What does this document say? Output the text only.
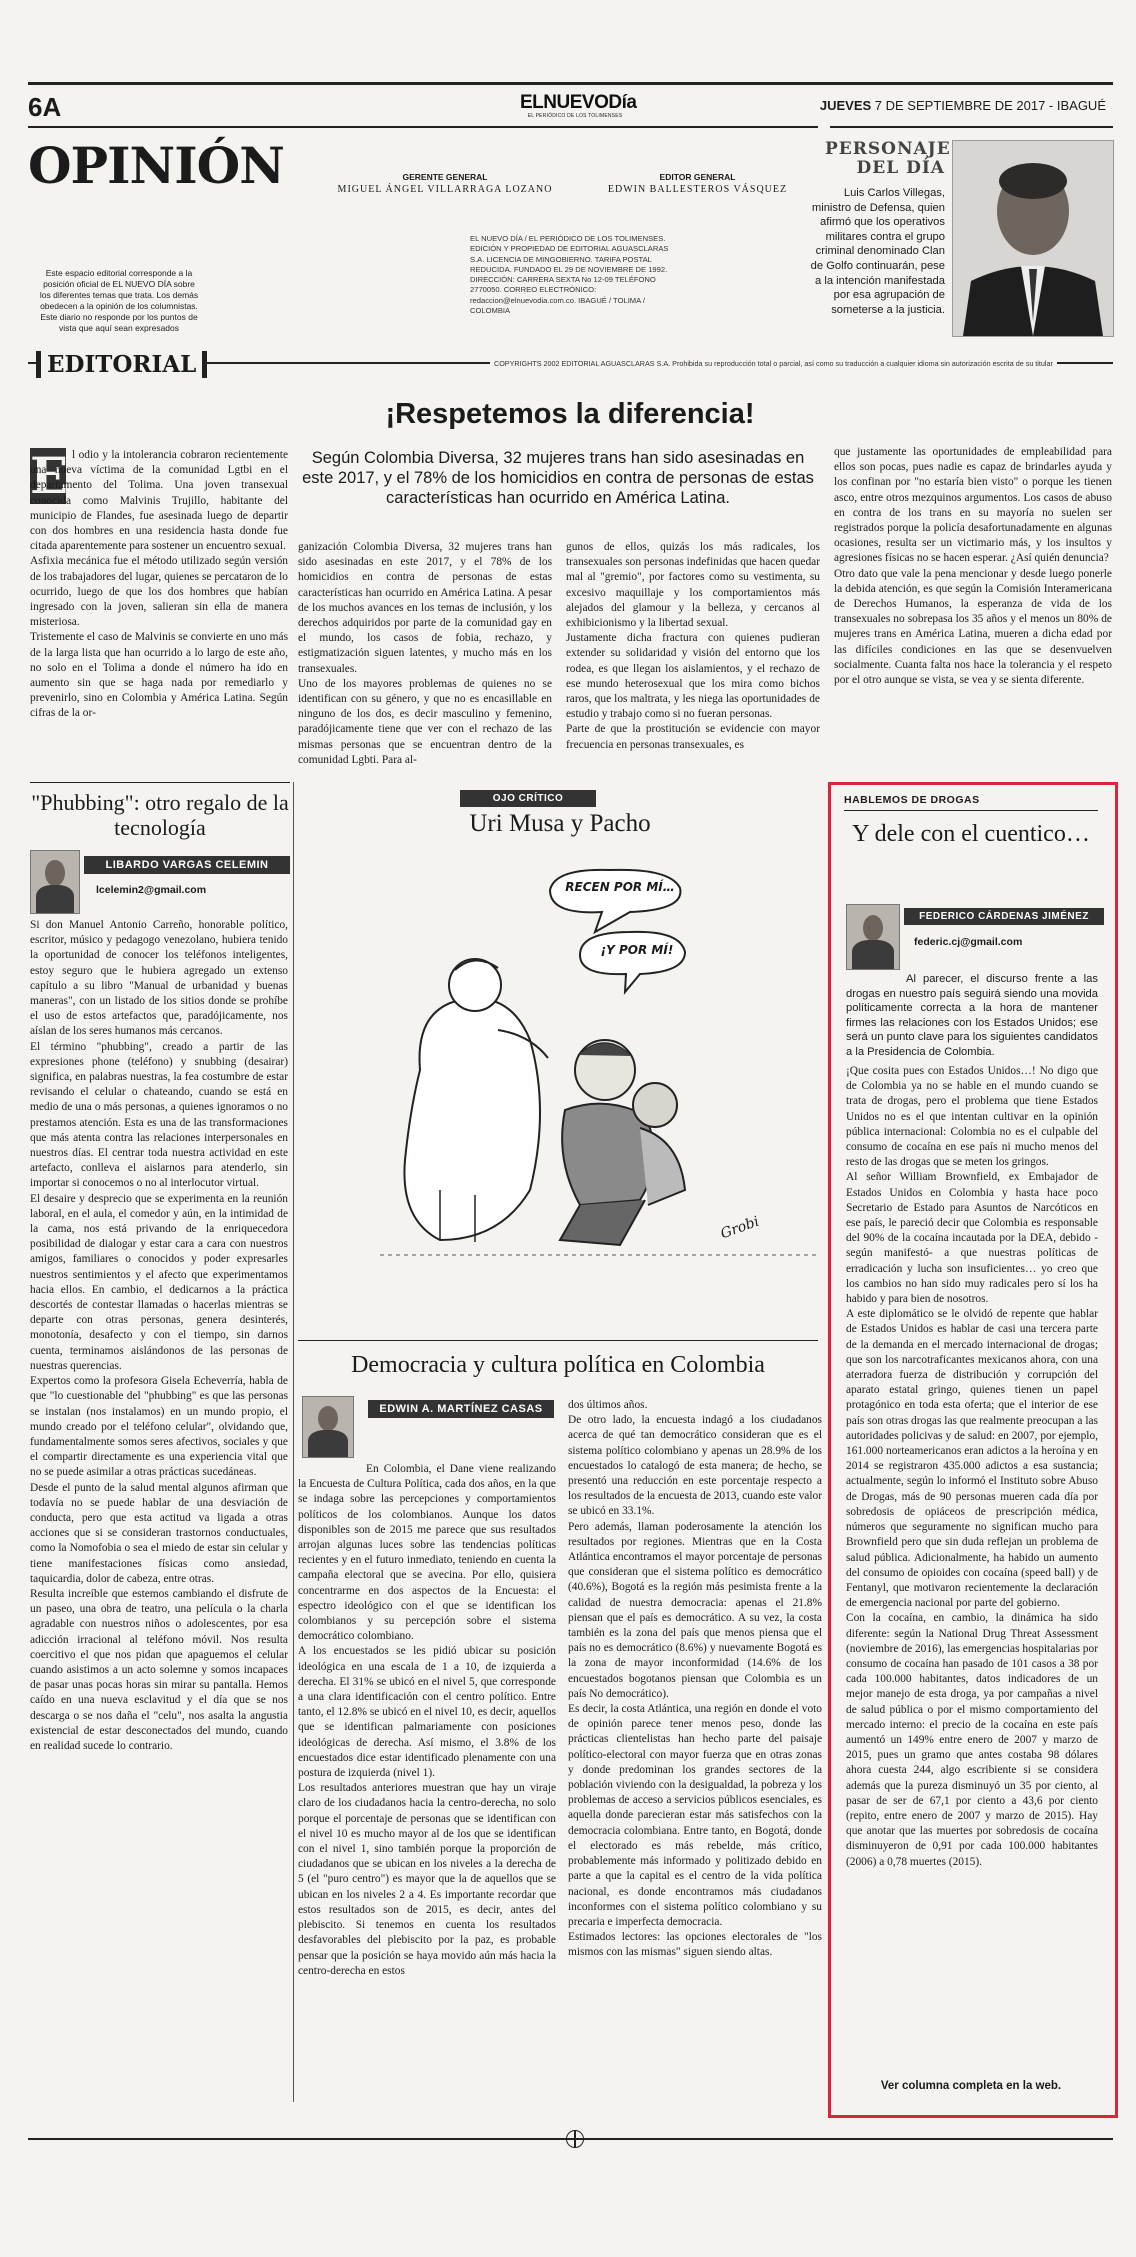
6A	ELNUEVODía
EL PERIÓDICO DE LOS TOLIMENSES
JUEVES 7 DE SEPTIEMBRE DE 2017 - IBAGUÉ
OPINIÓN
Este espacio editorial corresponde a la posición oficial de EL NUEVO DÍA sobre los diferentes temas que trata. Los demás obedecen a la opinión de los columnistas. Este diario no responde por los puntos de vista que aquí sean expresados
GERENTE GENERAL
MIGUEL ÁNGEL VILLARRAGA LOZANO
EDITOR GENERAL
EDWIN BALLESTEROS VÁSQUEZ
EL NUEVO DÍA / EL PERIÓDICO DE LOS TOLIMENSES. EDICIÓN Y PROPIEDAD DE EDITORIAL AGUASCLARAS S.A. LICENCIA DE MINGOBIERNO. TARIFA POSTAL REDUCIDA. FUNDADO EL 29 DE NOVIEMBRE DE 1992. DIRECCIÓN: CARRERA SEXTA No 12-09 TELÉFONO 2770050. CORREO ELECTRÓNICO: redaccion@elnuevodia.com.co. IBAGUÉ / TOLIMA / COLOMBIA
PERSONAJE
DEL DÍA
Luis Carlos Villegas, ministro de Defensa, quien afirmó que los operativos militares contra el grupo criminal denominado Clan de Golfo continuarán, pese a la intención manifestada por esa agrupación de someterse a la justicia.
EDITORIAL	COPYRIGHTS 2002 EDITORIAL AGUASCLARAS S.A. Prohibida su reproducción total o parcial, así como su traducción a cualquier idioma sin autorización escrita de su titular
¡Respetemos la diferencia!
E l odio y la intolerancia cobraron recientemente una nueva víctima de la comunidad Lgtbi en el departamento del Tolima. Una joven transexual conocida como Malvinis Trujillo, habitante del municipio de Flandes, fue asesinada luego de departir con dos hombres en una residencia hasta donde fue citada aparentemente para sostener un encuentro sexual.
Asfixia mecánica fue el método utilizado según versión de los trabajadores del lugar, quienes se percataron de lo ocurrido, luego de que los dos hombres que habían ingresado con la joven, salieran sin ella de manera misteriosa.
Tristemente el caso de Malvinis se convierte en uno más de la larga lista que han ocurrido a lo largo de este año, no solo en el Tolima a donde el número ha ido en aumento sin que se haga nada por remediarlo y prevenirlo, sino en Colombia y América Latina. Según cifras de la or-
Según Colombia Diversa, 32 mujeres trans han sido asesinadas en este 2017, y el 78% de los homicidios en contra de personas de estas características han ocurrido en América Latina.
ganización Colombia Diversa, 32 mujeres trans han sido asesinadas en este 2017, y el 78% de los homicidios en contra de personas de estas características han ocurrido en América Latina. A pesar de los muchos avances en los temas de inclusión, y los derechos adquiridos por parte de la comunidad gay en el mundo, los casos de fobia, rechazo, y estigmatización siguen latentes, y mucho más en los transexuales.
Uno de los mayores problemas de quienes no se identifican con su género, y que no es encasillable en ninguno de los dos, es decir masculino y femenino, paradójicamente tiene que ver con el rechazo de las mismas personas que se encuentran dentro de la comunidad Lgbti. Para al-
gunos de ellos, quizás los más radicales, los transexuales son personas indefinidas que hacen quedar mal al "gremio", por factores como su vestimenta, su excesivo maquillaje y los comportamientos más alejados del glamour y la belleza, y cercanos al exhibicionismo y la libertad sexual.
Justamente dicha fractura con quienes pudieran extender su solidaridad y visión del entorno que los rodea, es que llegan los aislamientos, y el rechazo de ese mundo heterosexual que los mira como bichos raros, que los maltrata, y les niega las oportunidades de estudio y trabajo como si no fueran personas.
Parte de que la prostitución se evidencie con mayor frecuencia en personas transexuales, es
que justamente las oportunidades de empleabilidad para ellos son pocas, pues nadie es capaz de brindarles ayuda y los confinan por "no estaría bien visto" o porque les tienen asco, entre otros mezquinos argumentos. Los casos de abuso en contra de los trans en su mayoría no suelen ser registrados porque la policía desafortunadamente en algunas ocasiones, resulta ser un victimario más, y los insultos y agresiones físicas no se hacen esperar. ¿Así quién denuncia?
Otro dato que vale la pena mencionar y desde luego ponerle la debida atención, es que según la Comisión Interamericana de Derechos Humanos, la esperanza de vida de los transexuales no sobrepasa los 35 años y el menos un 80% de mujeres trans en América Latina, mueren a dicha edad por las difíciles condiciones en las que se desenvuelven socialmente. Cuanta falta nos hace la tolerancia y el respeto por el otro aunque se vista, se vea y se sienta diferente.
"Phubbing": otro regalo de la tecnología
LIBARDO VARGAS CELEMIN
lcelemin2@gmail.com
Si don Manuel Antonio Carreño, honorable político, escritor, músico y pedagogo venezolano, hubiera tenido la oportunidad de conocer los teléfonos inteligentes, estoy seguro que le hubiera agregado un extenso capítulo a su libro "Manual de urbanidad y buenas maneras", con un listado de los sitios donde se prohíbe el uso de estos artefactos que, paradójicamente, nos aíslan de los seres humanos más cercanos.
El término "phubbing", creado a partir de las expresiones phone (teléfono) y snubbing (desairar) significa, en palabras nuestras, la fea costumbre de estar revisando el celular o chateando, cuando se está en medio de una o más personas, a quienes ignoramos o no prestamos atención. Esta es una de las transformaciones que más atenta contra las relaciones interpersonales en nuestros días. El centrar toda nuestra actividad en este artefacto, conlleva el aislarnos para atenderlo, sin importar si conocemos o no al interlocutor virtual.
El desaire y desprecio que se experimenta en la reunión laboral, en el aula, el comedor y aún, en la intimidad de la cama, nos está privando de la enriquecedora posibilidad de dialogar y estar cara a cara con nuestros amigos, familiares o conocidos y poder expresarles nuestros sentimientos y el afecto que experimentamos hacia ellos. En cambio, el dedicarnos a la práctica descortés de contestar llamadas o hacerlas mientras se departe con otras personas, genera desinterés, monotonía, desafecto y con el tiempo, sin darnos cuenta, terminamos aislándonos de las personas de nuestras querencias.
Expertos como la profesora Gisela Echeverría, habla de que "lo cuestionable del "phubbing" es que las personas se instalan (nos instalamos) en un mundo propio, el mundo creado por el teléfono celular", olvidando que, fundamentalmente somos seres afectivos, sociales y que el compartir directamente es una experiencia vital que no se puede asimilar a otras prácticas sucedáneas.
Desde el punto de la salud mental algunos afirman que todavía no se puede hablar de una desviación de conducta, pero que esta actitud va ligada a otras acciones que si se consideran trastornos conductuales, como la Nomofobia o sea el miedo de estar sin celular y tiene manifestaciones físicas como ansiedad, taquicardia, dolor de cabeza, entre otras.
Resulta increíble que estemos cambiando el disfrute de un paseo, una obra de teatro, una película o la charla agradable con nuestros niños o adolescentes, por esa adicción irracional al teléfono móvil. Nos resulta coercitivo el que nos pidan que apaguemos el celular cuando asistimos a un acto solemne y somos incapaces de pasar unas pocas horas sin mirar su pantalla. Hemos caído en una nueva esclavitud y el día que se nos descarga o se nos daña el "celu", nos asalta la angustia existencial de estar desconectados del mundo, cuando en realidad sucede lo contrario.
OJO CRÍTICO
Uri Musa y Pacho
RECEN POR MÍ…
¡Y POR MÍ!
Grobi
Democracia y cultura política en Colombia
EDWIN A. MARTÍNEZ CASAS
En Colombia, el Dane viene realizando la Encuesta de Cultura Política, cada dos años, en la que se indaga sobre las percepciones y comportamientos políticos de los colombianos. Aunque los datos disponibles son de 2015 me parece que sus resultados arrojan algunas luces sobre las tendencias políticas recientes y en el futuro inmediato, teniendo en cuenta la campaña electoral que se avecina. Por ello, quisiera concentrarme en dos aspectos de la Encuesta: el espectro ideológico con el que se identifican los colombianos y su percepción sobre el sistema democrático colombiano.
A los encuestados se les pidió ubicar su posición ideológica en una escala de 1 a 10, de izquierda a derecha. El 31% se ubicó en el nivel 5, que corresponde a una clara identificación con el centro político. Entre tanto, el 12.8% se ubicó en el nivel 10, es decir, aquellos que se identifican palmariamente con posiciones ideológicas de derecha. Así mismo, el 3.8% de los encuestados dice estar identificado plenamente con una postura de izquierda (nivel 1).
Los resultados anteriores muestran que hay un viraje claro de los ciudadanos hacia la centro-derecha, no solo porque el porcentaje de personas que se identifican con el nivel 10 es mucho mayor al de los que se identifican con el nivel 1, sino también porque la proporción de ciudadanos que se ubican en los niveles a la derecha de 5 (el "puro centro") es mayor que la de aquellos que se ubican en los niveles 2 a 4. Es importante recordar que estos resultados son de 2015, es decir, antes del plebiscito. Si tenemos en cuenta los resultados desfavorables del plebiscito por la paz, es probable pensar que la posición se haya movido aún más hacia la centro-derecha en estos
dos últimos años.
De otro lado, la encuesta indagó a los ciudadanos acerca de qué tan democrático consideran que es el sistema político colombiano y apenas un 28.9% de los encuestados lo catalogó de esta manera; de hecho, se presentó una reducción en este porcentaje respecto a los resultados de la encuesta de 2013, cuando este valor se ubicó en 33.1%.
Pero además, llaman poderosamente la atención los resultados por regiones. Mientras que en la Costa Atlántica encontramos el mayor porcentaje de personas que consideran que el sistema político es democrático (40.6%), Bogotá es la región más pesimista frente a la calidad de nuestra democracia: apenas el 21.8% piensan que el país es democrático. A su vez, la costa también es la zona del país que menos piensa que el país no es democrático (8.6%) y nuevamente Bogotá es la zona de mayor inconformidad (14.6% de los encuestados bogotanos piensan que Colombia es un país No democrático).
Es decir, la costa Atlántica, una región en donde el voto de opinión parece tener menos peso, donde las prácticas clientelistas han hecho parte del paisaje político-electoral con mayor fuerza que en otras zonas y donde predominan los grandes sectores de la población viviendo con la desigualdad, la pobreza y los problemas de acceso a servicios públicos esenciales, es aquella donde parecieran estar más satisfechos con la democracia colombiana. Entre tanto, en Bogotá, donde el electorado es más rebelde, más crítico, probablemente más informado y politizado debido en parte a que la capital es el centro de la vida política nacional, es donde encontramos más ciudadanos inconformes con el sistema político colombiano y su precaria e imperfecta democracia.
Estimados lectores: las opciones electorales de "los mismos con las mismas" siguen siendo altas.
HABLEMOS DE DROGAS
Y dele con el cuentico…
FEDERICO CÁRDENAS JIMÉNEZ
federic.cj@gmail.com
Al parecer, el discurso frente a las drogas en nuestro país seguirá siendo una movida políticamente correcta a la hora de mantener firmes las relaciones con los Estados Unidos; ese será un punto clave para los siguientes candidatos a la Presidencia de Colombia.
¡Que cosita pues con Estados Unidos…! No digo que de Colombia ya no se hable en el mundo cuando se trata de drogas, pero el problema que tiene Estados Unidos no es el que intentan cultivar en la opinión pública internacional: Colombia no es el culpable del consumo de cocaína en ese país ni mucho menos del resto de las drogas que se meten los gringos.
Al señor William Brownfield, ex Embajador de Estados Unidos en Colombia y hasta hace poco Secretario de Estado para Asuntos de Narcóticos en ese país, le pareció decir que Colombia es responsable del 90% de la cocaína incautada por la DEA, debido -según manifestó- a que nuestras políticas de erradicación y lucha son insuficientes… yo creo que los cambios no han sido muy radicales pero sí los ha habido y para bien de nosotros.
A este diplomático se le olvidó de repente que hablar de Estados Unidos es hablar de casi una tercera parte de la demanda en el mercado internacional de drogas; que son los narcotraficantes mexicanos ahora, con una aterradora fuerza de distribución y corrupción del aparato estatal gringo, quienes tienen un papel protagónico en toda esta oferta; que el interior de ese país son otras drogas las que realmente preocupan a las autoridades policivas y de salud: en 2007, por ejemplo, 161.000 norteamericanos eran adictos a la heroína y en 2014 se registraron 435.000 adictos a esa sustancia; actualmente, según lo informó el Instituto sobre Abuso de Drogas, más de 90 personas mueren cada día por sobredosis de opiáceos de prescripción médica, números que seguramente no significan mucho para Brownfield pero que sin duda reflejan un problema de salud pública. Adicionalmente, ha habido un aumento del consumo de opioides con cocaína (speed ball) y de Fentanyl, que motivaron recientemente la declaración de emergencia nacional por parte del gobierno.
Con la cocaína, en cambio, la dinámica ha sido diferente: según la National Drug Threat Assessment (noviembre de 2016), las emergencias hospitalarias por consumo de cocaína han pasado de 101 casos a 38 por cada 100.000 habitantes, datos indicadores de un mejor manejo de esta droga, ya por campañas a nivel de salud pública o por el mismo comportamiento del mercado interno: el precio de la cocaína en este país aumentó un 149% entre enero de 2007 y marzo de 2015, pues un gramo que antes costaba 98 dólares ahora cuesta 244, algo escribiente si se considera además que la pureza disminuyó un 35 por ciento, al pasar de ser de 67,1 por ciento a 43,6 por ciento (repito, entre enero de 2007 y marzo de 2015). Hay que anotar que las muertes por sobredosis de cocaína disminuyeron de 0,91 por cada 100.000 habitantes (2006) a 0,78 muertes (2015).
Ver columna completa en la web.
